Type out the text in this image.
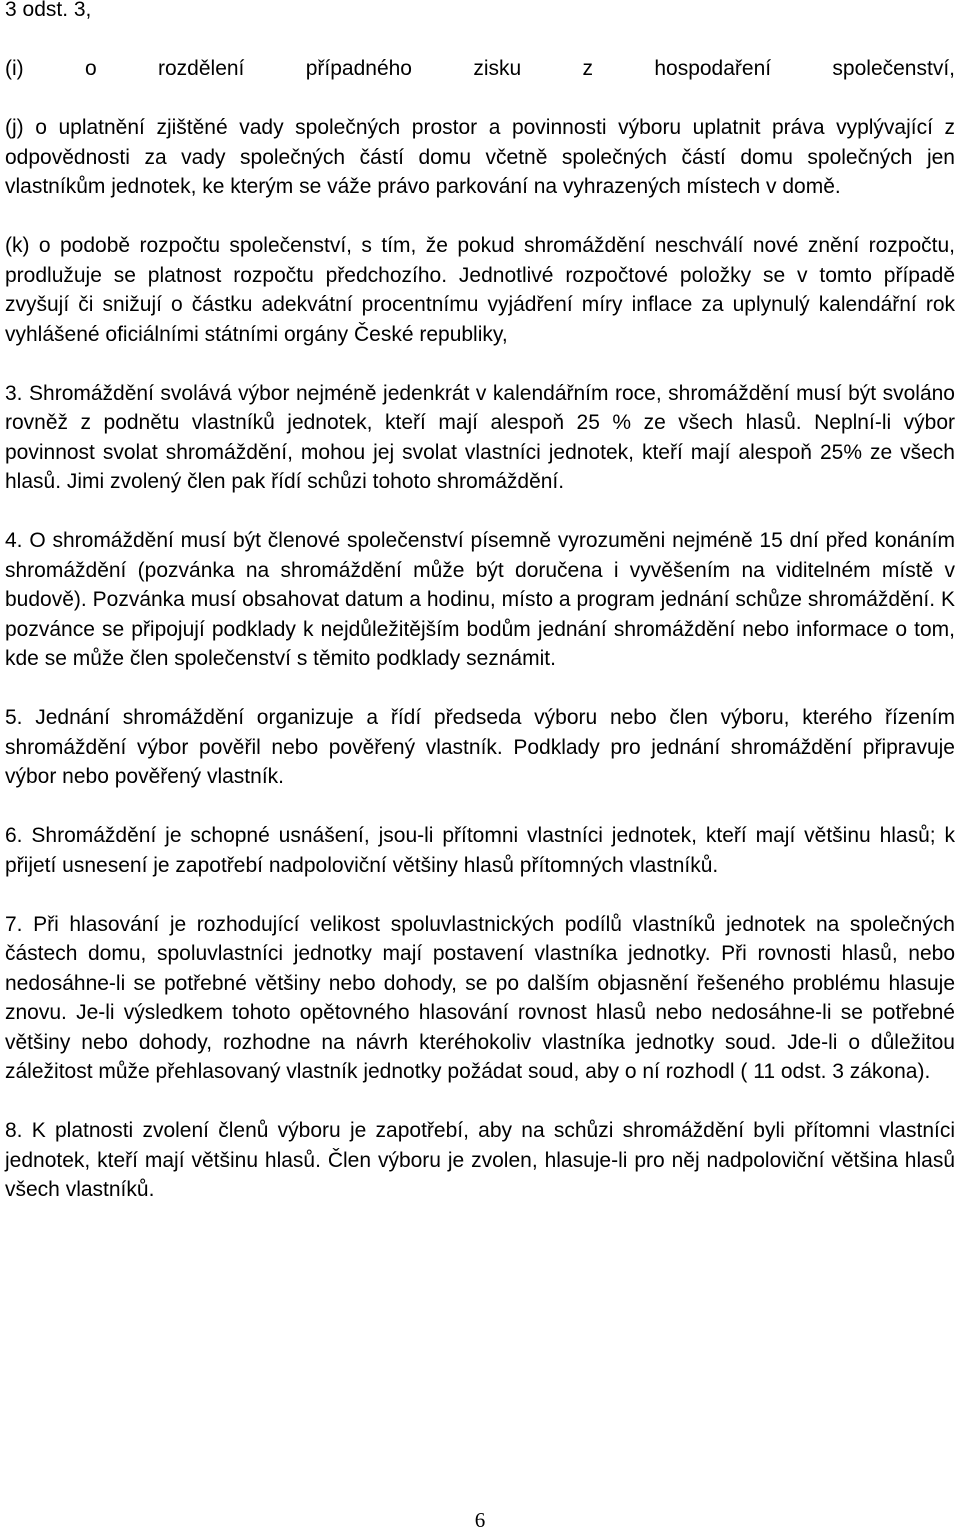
3 odst. 3,

(i) o rozdělení případného zisku z hospodaření společenství,

(j) o uplatnění zjištěné vady společných prostor a povinnosti výboru uplatnit práva vyplývající z odpovědnosti za vady společných částí domu včetně společných částí domu společných jen vlastníkům jednotek, ke kterým se váže právo parkování na vyhrazených místech v domě.

(k) o podobě rozpočtu společenství, s tím, že pokud shromáždění neschválí nové znění rozpočtu, prodlužuje se platnost rozpočtu předchozího. Jednotlivé rozpočtové položky se v tomto případě zvyšují či snižují o částku adekvátní procentnímu vyjádření míry inflace za uplynulý kalendářní rok vyhlášené oficiálními státními orgány České republiky,

3. Shromáždění svolává výbor nejméně jedenkrát v kalendářním roce, shromáždění musí být svoláno rovněž z podnětu vlastníků jednotek, kteří mají alespoň 25 % ze všech hlasů. Neplní-li výbor povinnost svolat shromáždění, mohou jej svolat vlastníci jednotek, kteří mají alespoň 25% ze všech hlasů. Jimi zvolený člen pak řídí schůzi tohoto shromáždění.

4. O shromáždění musí být členové společenství písemně vyrozuměni nejméně 15 dní před konáním shromáždění (pozvánka na shromáždění může být doručena i vyvěšením na viditelném místě v budově). Pozvánka musí obsahovat datum a hodinu, místo a program jednání schůze shromáždění. K pozvánce se připojují podklady k nejdůležitějším bodům jednání shromáždění nebo informace o tom, kde se může člen společenství s těmito podklady seznámit.

5. Jednání shromáždění organizuje a řídí předseda výboru nebo člen výboru, kterého řízením shromáždění výbor pověřil nebo pověřený vlastník. Podklady pro jednání shromáždění připravuje výbor nebo pověřený vlastník.

6. Shromáždění je schopné usnášení, jsou-li přítomni vlastníci jednotek, kteří mají většinu hlasů; k přijetí usnesení je zapotřebí nadpoloviční většiny hlasů přítomných vlastníků.

7. Při hlasování je rozhodující velikost spoluvlastnických podílů vlastníků jednotek na společných částech domu, spoluvlastníci jednotky mají postavení vlastníka jednotky. Při rovnosti hlasů, nebo nedosáhne-li se potřebné většiny nebo dohody, se po dalším objasnění řešeného problému hlasuje znovu. Je-li výsledkem tohoto opětovného hlasování rovnost hlasů nebo nedosáhne-li se potřebné většiny nebo dohody, rozhodne na návrh kteréhokoliv vlastníka jednotky soud. Jde-li o důležitou záležitost může přehlasovaný vlastník jednotky požádat soud, aby o ní rozhodl ( 11 odst. 3 zákona).

8. K platnosti zvolení členů výboru je zapotřebí, aby na schůzi shromáždění byli přítomni vlastníci jednotek, kteří mají většinu hlasů. Člen výboru je zvolen, hlasuje-li pro něj nadpoloviční většina hlasů všech vlastníků.

6
